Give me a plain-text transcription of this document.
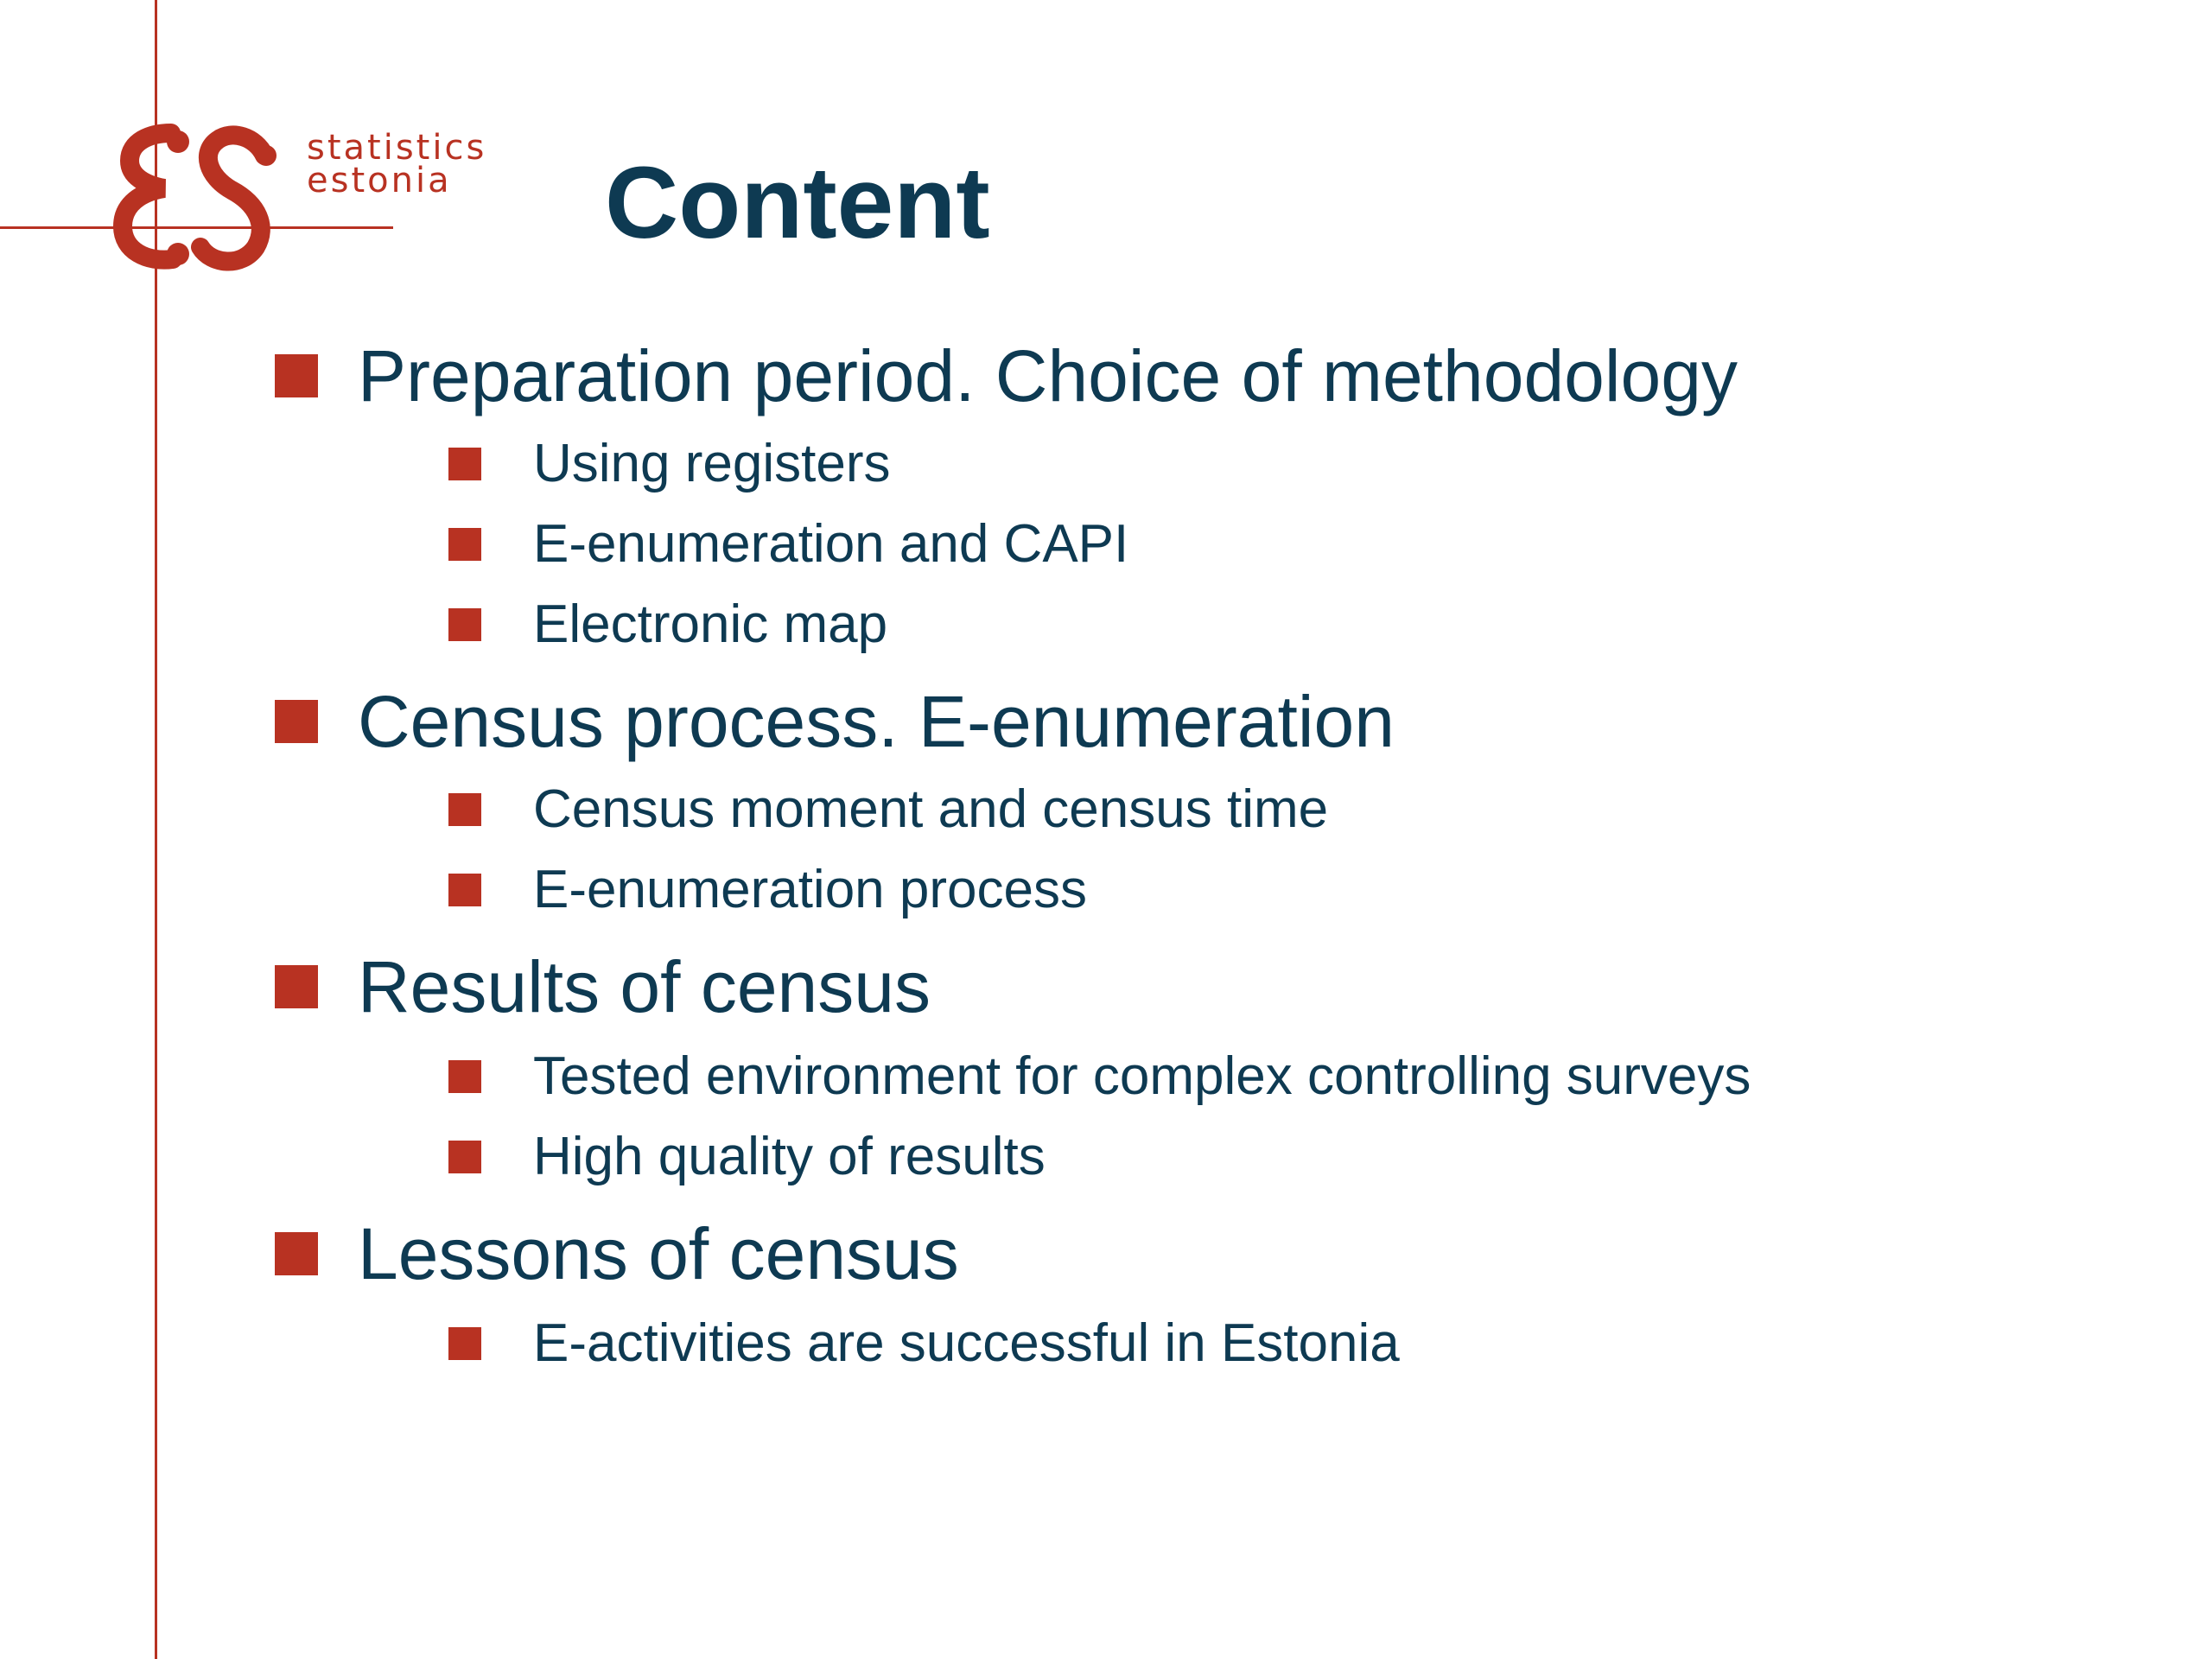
statistics
estonia	Content
Preparation period. Choice of methodology
Using registers
E-enumeration and CAPI
Electronic map
Census process. E-enumeration
Census moment and census time
E-enumeration process
Results of census
Tested environment for complex controlling surveys
High quality of results
Lessons of census
E-activities are successful in Estonia
